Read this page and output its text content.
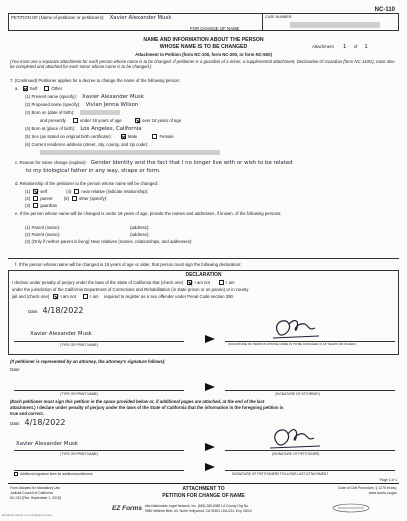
NC-110
PETITION OF (Name of petitioner or petitioners): Xavier Alexander Musk	CASE NUMBER:
FOR CHANGE OF NAME
NAME AND INFORMATION ABOUT THE PERSON
WHOSE NAME IS TO BE CHANGED	Attachment 1 of 1
Attachment to Petition (form NC-100, form NC-200, or form NC-500)
(You must use a separate attachment for each person whose name is to be changed. If petitioner is a guardian of a minor, a supplemental attachment, Declaration of Guardian (form NC-110G), must also be completed and attached for each minor whose name is to be changed.)
7. (Continued) Petitioner applies for a decree to change the name of the following person:
a.	Self	Other
(1) Present name (specify): Xavier Alexander Musk
(2) Proposed name (specify): Vivian Jenna Wilson
(3) Born on (date of birth):
and presently	under 18 years of age	over 18 years of age
(4) Born at (place of birth): Los Angeles, California
(5) Sex (as stated on original birth certificate):	Male	Female
(6) Current residence address (street, city, county, and zip code):
c. Reason for name change (explain): Gender Identity and the fact that I no longer live with or wish to be related
to my biological father in any way, shape or form.
d. Relationship of the petitioner to the person whose name will be changed:
(1) self	(4) near relative (indicate relationship):
(2) parent	(5) other (specify):
(3) guardian
e. If the person whose name will be changed is under 18 years of age, provide the names and addresses, if known, of the following persons:
(1) Parent (name):	(address):
(2) Parent (name):	(address):
(3) (Only if neither parent is living) Near relatives (names, relationships, and addresses):
f. If the person whose name will be changed is 18 years of age or older, that person must sign the following declaration:
DECLARATION
I declare under penalty of perjury under the laws of the State of California that (check one)	I am not	I am
under the jurisdiction of the California Department of Corrections and Rehabilitation (in state prison or on parole) or in county
jail and (check one)	I am not	I am required to register as a sex offender under Penal Code section 290.
Date: 4/18/2022
Xavier Alexander Musk
(TYPE OR PRINT NAME)	(SIGNATURE OF PERSON WHOSE NAME IS TO BE CHANGED IF 18 YEARS OR OLDER)
(If petitioner is represented by an attorney, the attorney's signature follows):
Date:
(TYPE OR PRINT NAME)	(SIGNATURE OF ATTORNEY)
(Each petitioner must sign this petition in the space provided below or, if additional pages are attached, at the end of the last
attachment.) I declare under penalty of perjury under the laws of the State of California that the information in the foregoing petition is
true and correct.
Date: 4/18/2022
Xavier Alexander Musk
(TYPE OR PRINT NAME)	(SIGNATURE OF PETITIONER)
Additional signature lines for additional petitioners	SIGNATURE OF PETITIONERS FOLLOWS LAST ATTACHMENT
Page 1 of 1
Form Adopted for Mandatory Use
Judicial Council of California
NC-110 [Rev. September 1, 2018]
ATTACHMENT TO
PETITION FOR CHANGE OF NAME
Code of Civil Procedure, § 1275 et seq.
www.courts.ca.gov
EZ Forms dba Nationwide Legal Network, Inc. (818) 285-6389 LA County Org No.
5960 Wilshire Blvd. #3, North Hollywood, CA 91601 LDA-024, Exp. 08/24
Elizabeth Harris / Los Angeles County
